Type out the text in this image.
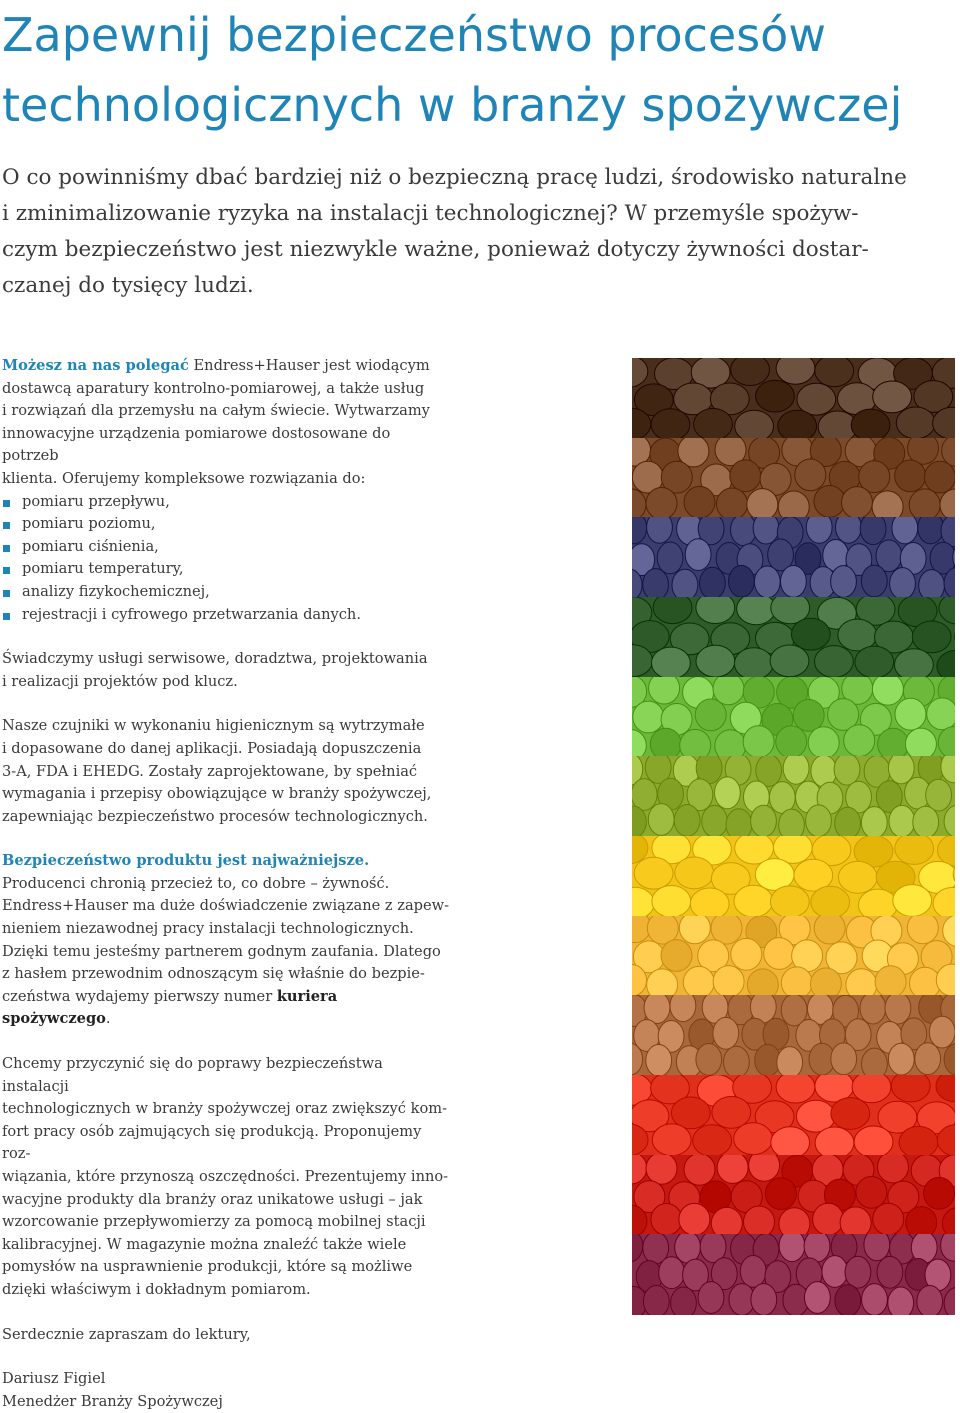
Zapewnij bezpieczeństwo procesów
technologicznych w branży spożywczej

O co powinniśmy dbać bardziej niż o bezpieczną pracę ludzi, środowisko naturalne
i zminimalizowanie ryzyka na instalacji technologicznej? W przemyśle spożyw-
czym bezpieczeństwo jest niezwykle ważne, ponieważ dotyczy żywności dostar-
czanej do tysięcy ludzi.

Możesz na nas polegać Endress+Hauser jest wiodącym
dostawcą aparatury kontrolno-pomiarowej, a także usług
i rozwiązań dla przemysłu na całym świecie. Wytwarzamy
innowacyjne urządzenia pomiarowe dostosowane do potrzeb
klienta. Oferujemy kompleksowe rozwiązania do:

pomiaru przepływu,
pomiaru poziomu,
pomiaru ciśnienia,
pomiaru temperatury,
analizy fizykochemicznej,
rejestracji i cyfrowego przetwarzania danych.

Świadczymy usługi serwisowe, doradztwa, projektowania
i realizacji projektów pod klucz.

Nasze czujniki w wykonaniu higienicznym są wytrzymałe
i dopasowane do danej aplikacji. Posiadają dopuszczenia
3-A, FDA i EHEDG. Zostały zaprojektowane, by spełniać
wymagania i przepisy obowiązujące w branży spożywczej,
zapewniając bezpieczeństwo procesów technologicznych.

Bezpieczeństwo produktu jest najważniejsze.
Producenci chronią przecież to, co dobre – żywność.
Endress+Hauser ma duże doświadczenie związane z zapew-
nieniem niezawodnej pracy instalacji technologicznych.
Dzięki temu jesteśmy partnerem godnym zaufania. Dlatego
z hasłem przewodnim odnoszącym się właśnie do bezpie-
czeństwa wydajemy pierwszy numer kuriera spożywczego.

Chcemy przyczynić się do poprawy bezpieczeństwa instalacji
technologicznych w branży spożywczej oraz zwiększyć kom-
fort pracy osób zajmujących się produkcją. Proponujemy roz-
wiązania, które przynoszą oszczędności. Prezentujemy inno-
wacyjne produkty dla branży oraz unikatowe usługi – jak
wzorcowanie przepływomierzy za pomocą mobilnej stacji
kalibracyjnej. W magazynie można znaleźć także wiele
pomysłów na usprawnienie produkcji, które są możliwe
dzięki właściwym i dokładnym pomiarom.

Serdecznie zapraszam do lektury,

Dariusz Figiel
Menedżer Branży Spożywczej
